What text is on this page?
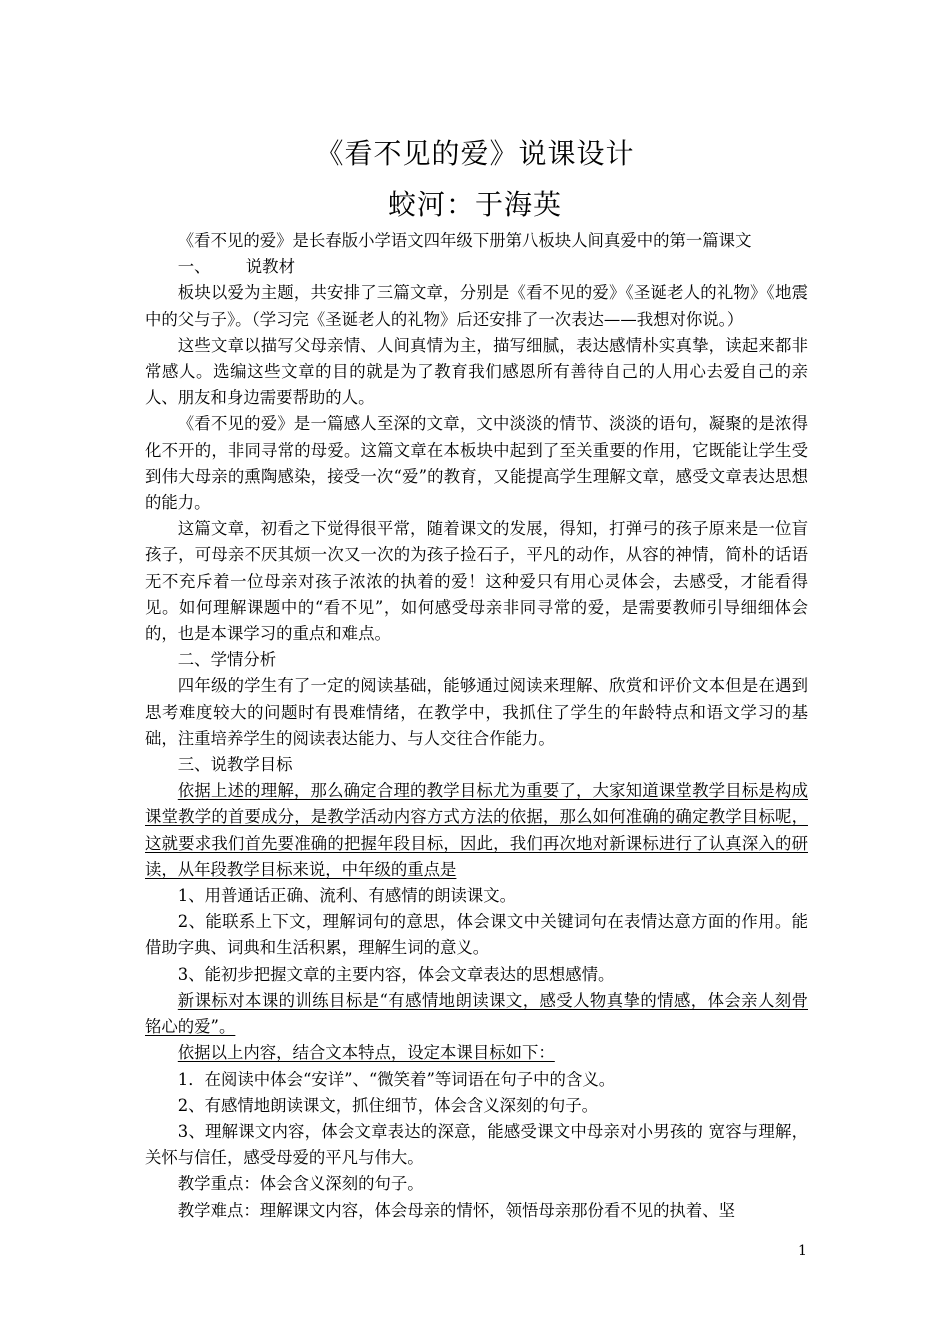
《看不见的爱》说课设计
蛟河：于海英

《看不见的爱》是长春版小学语文四年级下册第八板块人间真爱中的第一篇课文

一、 说教材

板块以爱为主题，共安排了三篇文章，分别是《看不见的爱》《圣诞老人的礼物》《地震中的父与子》。（学习完《圣诞老人的礼物》后还安排了一次表达——我想对你说。）

这些文章以描写父母亲情、人间真情为主，描写细腻，表达感情朴实真挚，读起来都非常感人。选编这些文章的目的就是为了教育我们感恩所有善待自己的人用心去爱自己的亲人、朋友和身边需要帮助的人。

《看不见的爱》是一篇感人至深的文章，文中淡淡的情节、淡淡的语句，凝聚的是浓得化不开的，非同寻常的母爱。这篇文章在本板块中起到了至关重要的作用，它既能让学生受到伟大母亲的熏陶感染，接受一次“爱”的教育，又能提高学生理解文章，感受文章表达思想的能力。

这篇文章，初看之下觉得很平常，随着课文的发展，得知，打弹弓的孩子原来是一位盲孩子，可母亲不厌其烦一次又一次的为孩子捡石子，平凡的动作，从容的神情，简朴的话语无不充斥着一位母亲对孩子浓浓的执着的爱！这种爱只有用心灵体会，去感受，才能看得见。如何理解课题中的“看不见”，如何感受母亲非同寻常的爱，是需要教师引导细细体会的，也是本课学习的重点和难点。

二、学情分析

四年级的学生有了一定的阅读基础，能够通过阅读来理解、欣赏和评价文本但是在遇到思考难度较大的问题时有畏难情绪，在教学中，我抓住了学生的年龄特点和语文学习的基础，注重培养学生的阅读表达能力、与人交往合作能力。

三、说教学目标

依据上述的理解，那么确定合理的教学目标尤为重要了，大家知道课堂教学目标是构成课堂教学的首要成分，是教学活动内容方式方法的依据，那么如何准确的确定教学目标呢，这就要求我们首先要准确的把握年段目标，因此，我们再次地对新课标进行了认真深入的研读，从年段教学目标来说，中年级的重点是

1、用普通话正确、流利、有感情的朗读课文。

2、能联系上下文，理解词句的意思，体会课文中关键词句在表情达意方面的作用。能借助字典、词典和生活积累，理解生词的意义。

3、能初步把握文章的主要内容，体会文章表达的思想感情。

新课标对本课的训练目标是“有感情地朗读课文，感受人物真挚的情感，体会亲人刻骨铭心的爱”。

依据以上内容，结合文本特点，设定本课目标如下：

1．在阅读中体会“安详”、“微笑着”等词语在句子中的含义。

2、有感情地朗读课文，抓住细节，体会含义深刻的句子。

3、理解课文内容，体会文章表达的深意，能感受课文中母亲对小男孩的 宽容与理解，关怀与信任，感受母爱的平凡与伟大。

教学重点：体会含义深刻的句子。

教学难点：理解课文内容，体会母亲的情怀，领悟母亲那份看不见的执着、坚

1
